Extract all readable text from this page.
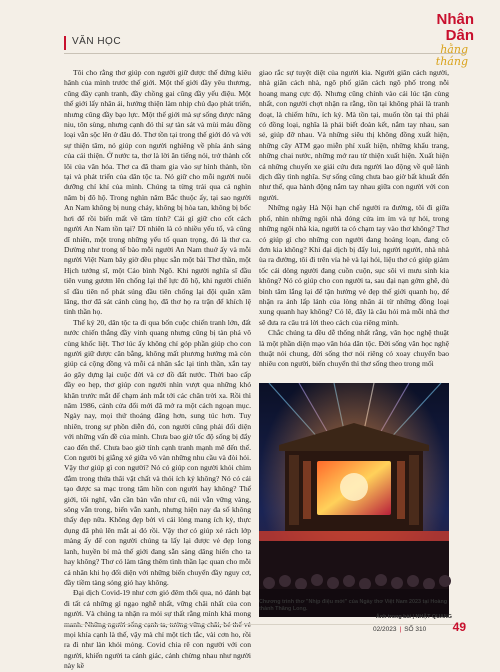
VĂN HỌC
Nhân Dân
hằng tháng

Tôi cho rằng thơ giúp con người giữ được thế đứng kiêu hãnh của mình trước thế giới. Một thế giới đầy yêu thương, cũng đầy cạnh tranh, đầy chồng gai cũng đầy yếu điệu. Một thế giới lấy nhân ái, hướng thiện làm nhịp chủ đạo phát triển, nhưng cũng đầy bạo lực. Một thế giới mà sự sống được nâng niu, tôn sùng, nhưng cạnh đó thì sự tàn sát và mùi máu đồng loại vẫn sộc lên ở đâu đó. Thơ tồn tại trong thế giới đó và với sự thiện tâm, nó giúp con người nghiêng về phía ánh sáng của cái thiện. Ở nước ta, thơ là lời ăn tiếng nói, trở thành cốt lõi của văn hóa. Thơ ca đã tham gia vào sự hình thành, tồn tại và phát triển của dân tộc ta. Nó giữ cho mỗi người nuôi dưỡng chí khí của mình. Chúng ta từng trải qua cả nghìn năm bị đô hộ. Trong nghìn năm Bắc thuộc ấy, tại sao người An Nam không bị nung chảy, không bị hòa tan, không bị bốc hơi để rồi biến mất về tâm tính? Cái gì giữ cho cốt cách người An Nam tồn tại? Dĩ nhiên là có nhiều yếu tố, và cũng dĩ nhiên, một trong những yếu tố quan trọng, đó là thơ ca. Dường như trong tế bào mỗi người An Nam thuở ấy và mỗi người Việt Nam bây giờ đều phục sẵn một bài Thơ thần, một Hịch tướng sĩ, một Cáo bình Ngô. Khi người nghĩa sĩ đầu tiên vung gươm lên chống lại thế lực đô hộ, khi người chiến sĩ đầu tiên nổ phát súng đầu tiên chống lại đội quân xâm lăng, thơ đã sát cánh cùng họ, đã thơ họ ra trận để khích lệ tinh thần họ.

Thế kỷ 20, dân tộc ta đi qua bốn cuộc chiến tranh lớn, đất nước chiến thắng đầy vinh quang nhưng cũng bị tàn phá vô cùng khốc liệt. Thơ lúc ấy không chỉ góp phần giúp cho con người giữ được căn bằng, không mất phương hướng mà còn giúp cả cộng đồng và mỗi cá nhân sắc lại tinh thần, xắn tay áo gây dựng lại cuộc đời và cơ đồ đất nước. Thời bao cấp đầy eo hẹp, thơ giúp con người nhìn vượt qua những khó khăn trước mắt để chạm ánh mắt tới các chân trời xa. Rồi thì năm 1986, cánh cửa đổi mới đã mở ra một cách ngoạn mục. Ngày nay, mọi thứ thoáng đãng hơn, sung túc hơn. Tuy nhiên, trong sự phồn diễn đó, con người cũng phải đối diện với những vấn đề của mình. Chưa bao giờ tốc độ sống bị đẩy cao đến thế. Chưa bao giờ tính cạnh tranh mạnh mẽ đến thế. Con người bị giằng xé giữa vô vàn những nhu cầu và đòi hỏi. Vậy thơ giúp gì con người? Nó có giúp con người khỏi chìm đắm trong thứa thãi vật chất và thói ích kỷ không? Nó có cải tạo được sa mạc trong tâm hồn con người hay không? Thế giới, tôi nghĩ, vẫn cần bàn vẫn như cũ, núi vẫn vững vàng, sông vẫn trong, biển vẫn xanh, nhưng hiện nay đa số không thấy đẹp nữa. Không đẹp bởi vì cái lòng mang ích kỷ, thực dụng đã phủ lên mắt ai đó rồi. Vậy thơ có giúp xé rách lớp màng ấy để con người chúng ta lấy lại được vẻ đẹp long lanh, huyền bí mà thế giới đang sẵn sàng dâng hiến cho ta hay không? Thơ có làm tăng thêm tình thần lạc quan cho mỗi cá nhân khi họ đối diện với những biến chuyển đầy nguy cơ, đầy tiềm tàng sóng gió hay không.

Đại dịch Covid-19 như cơn gió đêm thổi qua, nó đánh bạt đi tất cả những gì ngạo nghễ nhất, vững chãi nhất của con người. Và chúng ta nhận ra mỏi sự thất rằng mình khá mong manh. Những người sống cạnh ta, tưởng vững chãi, bé thế vẻ mọi khía cạnh là thế, vậy mà chỉ một tích tắc, vài cơn ho, rồi ra đi như làn khói mỏng. Covid chia rẽ con người với con người, khiến người ta cảnh giác, cảnh chừng nhau như người này kề

giao rắc sự tuyệt diệt của người kia. Người giãn cách người, nhà giãn cách nhà, ngõ phố giãn cách ngõ phố trong nỗi hoang mang cực độ. Nhưng cũng chính vào cái lúc tận cùng nhất, con người chợt nhận ra rằng, tồn tại không phải là tranh đoạt, là chiếm hữu, ích kỷ. Mà tồn tại, muốn tồn tại thì phải có đồng loại, nghĩa là phải biết đoàn kết, nắm tay nhau, san sẻ, giúp đỡ nhau. Và những siêu thị không đồng xuất hiện, những cây ATM gạo miễn phí xuất hiện, những khẩu trang, những chai nước, những mớ rau từ thiện xuất hiện. Xuất hiện cả những chuyến xe giải cứu đưa người lao động về quê lánh dịch đầy tình nghĩa. Sự sống cũng chưa bao giờ bất khuất đến như thế, qua hành động nắm tay nhau giữa con người với con người.

Những ngày Hà Nội hạn chế người ra đường, tôi đi giữa phố, nhìn những ngôi nhà đóng cửa im ỉm và tự hỏi, trong những ngôi nhà kia, người ta có chạm tay vào thơ không? Thơ có giúp gì cho những con người đang hoảng loạn, đang cô đơn kia không? Khi đại dịch bị đẩy lui, người người, nhà nhà ùa ra đường, tôi đi trên vỉa hè và lại hỏi, liệu thơ có giúp giảm tốc cái dòng người đang cuồn cuộn, sục sôi vì mưu sinh kia không? Nó có giúp cho con người ta, sau đại nạn gớm ghê, đủ bình tâm lắng lại để tận hưởng vẻ đẹp thế giới quanh họ, để nhận ra ánh lấp lánh của lòng nhân ái từ những đồng loại xung quanh hay không? Có lẽ, đây là câu hỏi mà mỗi nhà thơ sẽ đưa ra câu trả lời theo cách của riêng mình.

Chắc chúng ta đều dễ thống nhất rằng, văn học nghệ thuật là một phần diện mạo văn hóa dân tộc. Đời sống văn học nghệ thuật nói chung, đời sống thơ nói riêng có xoay chuyển bao nhiêu con người, biến chuyển thì thơ sống theo trong mối

Chương trình thơ "Nhịp điệu mới" của Ngày thơ Việt Nam 2023 tại Hoàng thành Thăng Long.
Ảnh trong bài | NHẬT QUANG
02/2023 | SỐ 310 49
